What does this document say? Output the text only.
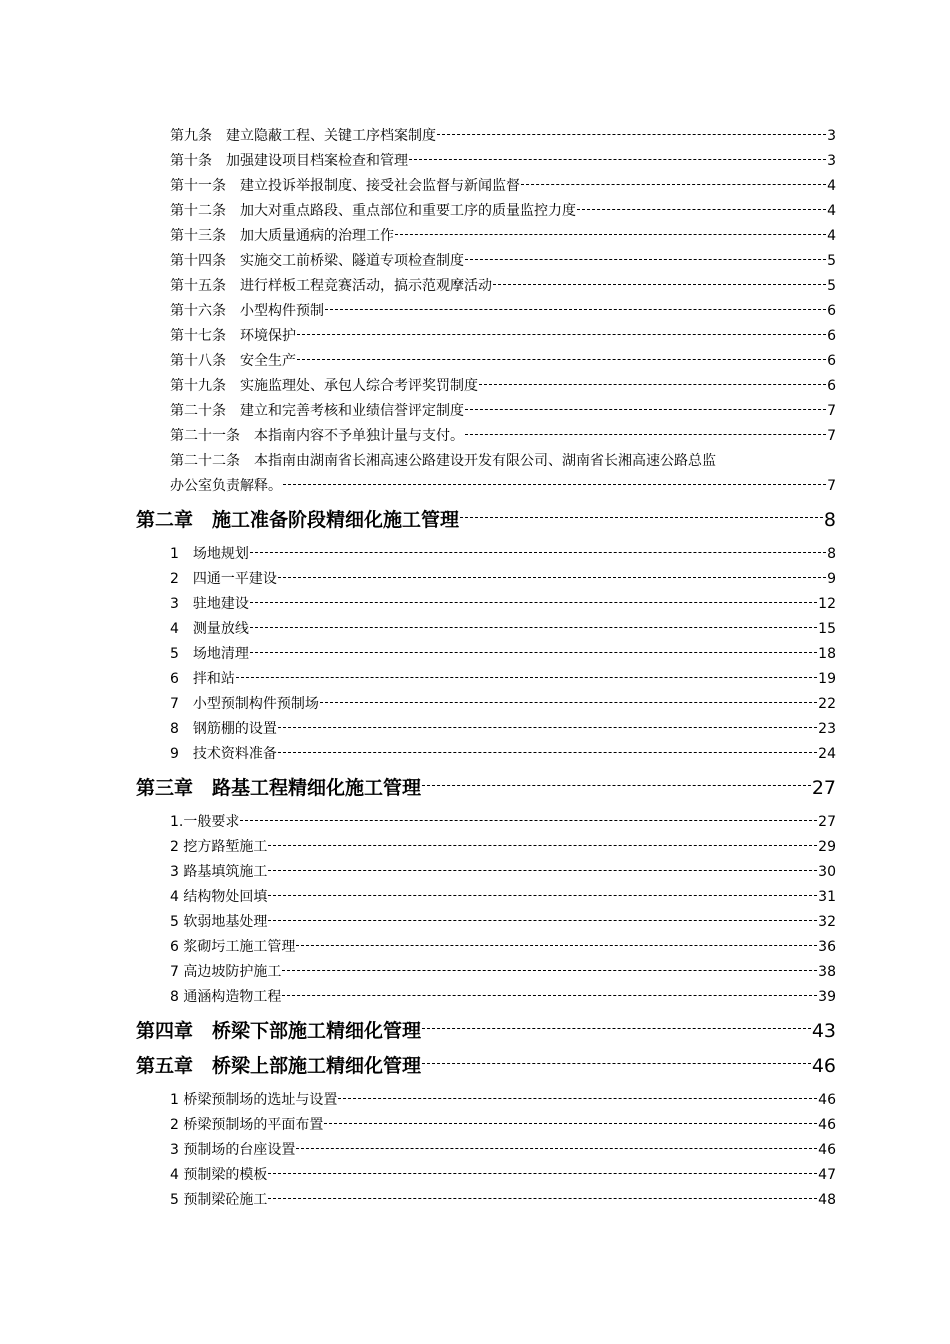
第九条　建立隐蔽工程、关键工序档案制度	3
第十条　加强建设项目档案检查和管理	3
第十一条　建立投诉举报制度、接受社会监督与新闻监督	4
第十二条　加大对重点路段、重点部位和重要工序的质量监控力度	4
第十三条　加大质量通病的治理工作	4
第十四条　实施交工前桥梁、隧道专项检查制度	5
第十五条　进行样板工程竞赛活动，搞示范观摩活动	5
第十六条　小型构件预制	6
第十七条　环境保护	6
第十八条　安全生产	6
第十九条　实施监理处、承包人综合考评奖罚制度	6
第二十条　建立和完善考核和业绩信誉评定制度	7
第二十一条　本指南内容不予单独计量与支付。	7
第二十二条　本指南由湖南省长湘高速公路建设开发有限公司、湖南省长湘高速公路总监
办公室负责解释。	7
第二章　施工准备阶段精细化施工管理	8
1　场地规划	8
2　四通一平建设	9
3　驻地建设	12
4　测量放线	15
5　场地清理	18
6　拌和站	19
7　小型预制构件预制场	22
8　钢筋棚的设置	23
9　技术资料准备	24
第三章　路基工程精细化施工管理	27
1.一般要求	27
2 挖方路堑施工	29
3 路基填筑施工	30
4 结构物处回填	31
5 软弱地基处理	32
6 浆砌圬工施工管理	36
7 高边坡防护施工	38
8 通涵构造物工程	39
第四章　桥梁下部施工精细化管理	43
第五章　桥梁上部施工精细化管理	46
1 桥梁预制场的选址与设置	46
2 桥梁预制场的平面布置	46
3 预制场的台座设置	46
4 预制梁的模板	47
5 预制梁砼施工	48
